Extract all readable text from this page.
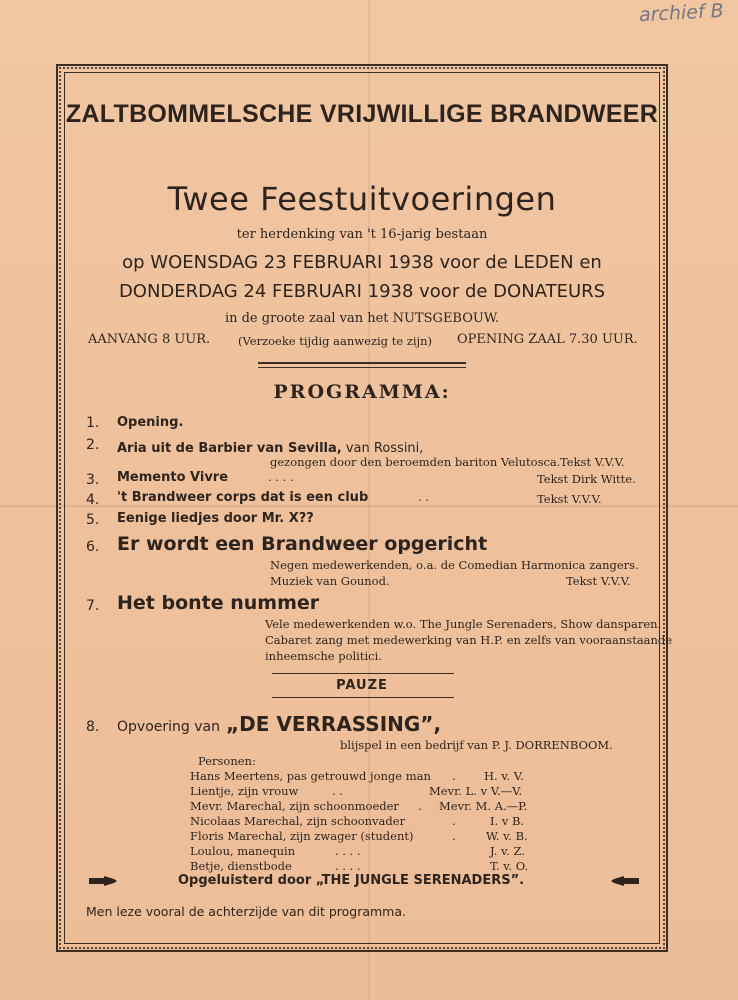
archief B
ZALTBOMMELSCHE VRIJWILLIGE BRANDWEER
Twee Feestuitvoeringen
ter herdenking van 't 16-jarig bestaan
op WOENSDAG 23 FEBRUARI 1938 voor de LEDEN en
DONDERDAG 24 FEBRUARI 1938 voor de DONATEURS
in de groote zaal van het NUTSGEBOUW.
AANVANG 8 UUR. (Verzoeke tijdig aanwezig te zijn) OPENING ZAAL 7.30 UUR.
PROGRAMMA:
1. Opening.
2. Aria uit de Barbier van Sevilla, van Rossini,
gezongen door den beroemden bariton Velutosca. Tekst V.V.V.
3. Memento Vivre	. . . .	Tekst Dirk Witte.
4. 't Brandweer corps dat is een club	. .	Tekst V.V.V.
5. Eenige liedjes door Mr. X??
6. Er wordt een Brandweer opgericht
Negen medewerkenden, o.a. de Comedian Harmonica zangers.
Muziek van Gounod.	Tekst V.V.V.
7. Het bonte nummer
Vele medewerkenden w.o. The Jungle Serenaders, Show dansparen.
Cabaret zang met medewerking van H.P. en zelfs van vooraanstaande
inheemsche politici.
PAUZE
8. Opvoering van „DE VERRASSING”,
blijspel in een bedrijf van P. J. DORRENBOOM.
Personen:
Hans Meertens, pas getrouwd jonge man . H. v. V.
Lientje, zijn vrouw	. .	Mevr. L. v V.—V.
Mevr. Marechal, zijn schoonmoeder . Mevr. M. A.—P.
Nicolaas Marechal, zijn schoonvader	.	I. v B.
Floris Marechal, zijn zwager (student)	.	W. v. B.
Loulou, manequin	. . . .	J. v. Z.
Betje, dienstbode	. . . .	T. v. O.
Opgeluisterd door „THE JUNGLE SERENADERS”.
Men leze vooral de achterzijde van dit programma.
